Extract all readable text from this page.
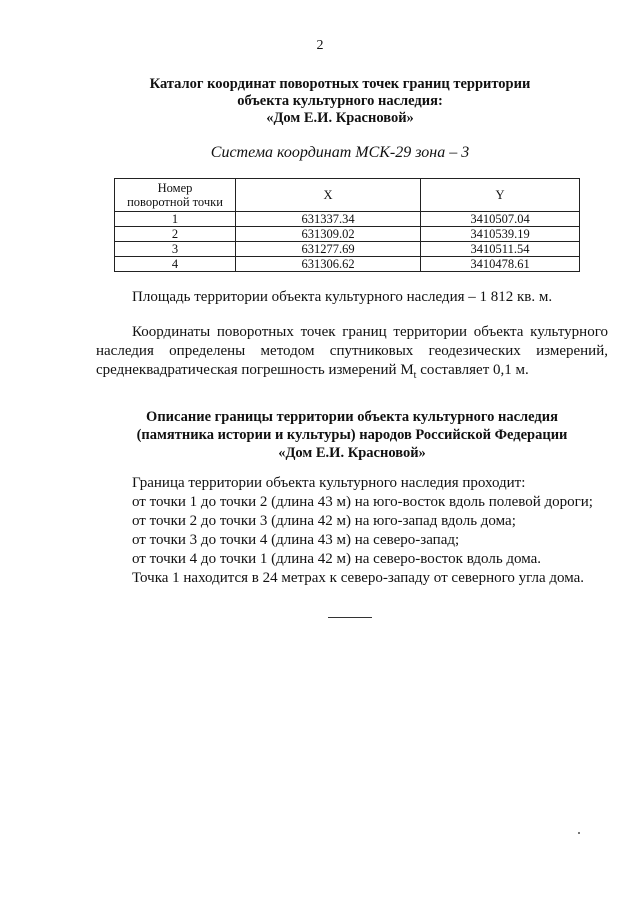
2
Каталог координат поворотных точек границ территории
объекта культурного наследия:
«Дом Е.И. Красновой»
Система координат МСК-29 зона – 3
Номер
поворотной точки	X	Y
1	631337.34	3410507.04
2	631309.02	3410539.19
3	631277.69	3410511.54
4	631306.62	3410478.61
Площадь территории объекта культурного наследия – 1 812 кв. м.
Координаты поворотных точек границ территории объекта культурного наследия определены методом спутниковых геодезических измерений, среднеквадратическая погрешность измерений $M_t$ составляет 0,1 м.
Описание границы территории объекта культурного наследия
(памятника истории и культуры) народов Российской Федерации
«Дом Е.И. Красновой»

Граница территории объекта культурного наследия проходит:

от точки 1 до точки 2 (длина 43 м) на юго-восток вдоль полевой дороги;

от точки 2 до точки 3 (длина 42 м) на юго-запад вдоль дома;

от точки 3 до точки 4 (длина 43 м) на северо-запад;

от точки 4 до точки 1 (длина 42 м) на северо-восток вдоль дома.

Точка 1 находится в 24 метрах к северо-западу от северного угла дома.
